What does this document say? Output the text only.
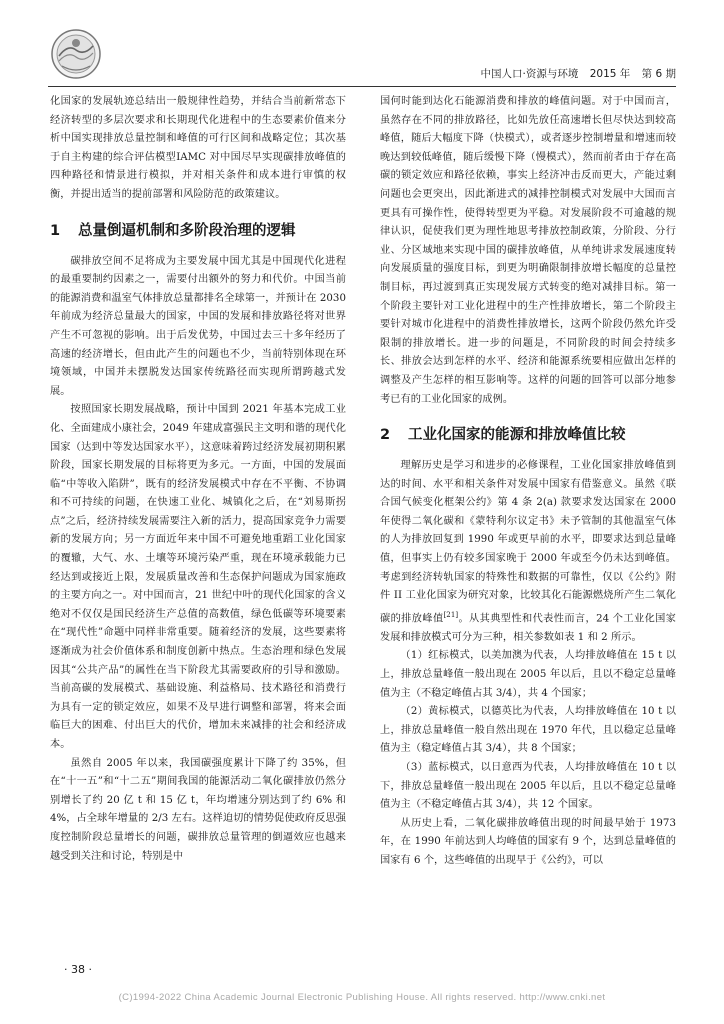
中国人口·资源与环境 2015 年 第 6 期

化国家的发展轨迹总结出一般规律性趋势，并结合当前新常态下经济转型的多层次要求和长期现代化进程中的生态要素价值来分析中国实现排放总量控制和峰值的可行区间和战略定位；其次基于自主构建的综合评估模型IAMC 对中国尽早实现碳排放峰值的四种路径和情景进行模拟，并对相关条件和成本进行审慎的权衡，并提出适当的提前部署和风险防范的政策建议。

1 总量倒逼机制和多阶段治理的逻辑

碳排放空间不足将成为主要发展中国尤其是中国现代化进程的最重要制约因素之一，需要付出额外的努力和代价。中国当前的能源消费和温室气体排放总量都排名全球第一，并预计在 2030 年前成为经济总量最大的国家，中国的发展和排放路径将对世界产生不可忽视的影响。出于后发优势，中国过去三十多年经历了高速的经济增长，但由此产生的问题也不少，当前特别体现在环境领域，中国并未摆脱发达国家传统路径而实现所谓跨越式发展。

按照国家长期发展战略，预计中国到 2021 年基本完成工业化、全面建成小康社会，2049 年建成富强民主文明和谐的现代化国家（达到中等发达国家水平），这意味着跨过经济发展初期积累阶段，国家长期发展的目标将更为多元。一方面，中国的发展面临“中等收入陷阱”，既有的经济发展模式中存在不平衡、不协调和不可持续的问题，在快速工业化、城镇化之后，在“刘易斯拐点”之后，经济持续发展需要注入新的活力，提高国家竞争力需要新的发展方向；另一方面近年来中国不可避免地重蹈工业化国家的覆辙，大气、水、土壤等环境污染严重，现在环境承载能力已经达到或接近上限，发展质量改善和生态保护问题成为国家施政的主要方向之一。对中国而言，21 世纪中叶的现代化国家的含义绝对不仅仅是国民经济生产总值的高数值，绿色低碳等环境要素在“现代性”命题中同样非常重要。随着经济的发展，这些要素将逐渐成为社会价值体系和制度创新中热点。生态治理和绿色发展因其“公共产品”的属性在当下阶段尤其需要政府的引导和激励。当前高碳的发展模式、基础设施、利益格局、技术路径和消费行为具有一定的锁定效应，如果不及早进行调整和部署，将来会面临巨大的困难、付出巨大的代价，增加未来减排的社会和经济成本。

虽然自 2005 年以来，我国碳强度累计下降了约 35%，但在“十一五”和“十二五”期间我国的能源活动二氧化碳排放仍然分别增长了约 20 亿 t 和 15 亿 t，年均增速分别达到了约 6% 和 4%，占全球年增量的 2/3 左右。这样迫切的情势促使政府反思强度控制阶段总量增长的问题，碳排放总量管理的倒逼效应也越来越受到关注和讨论，特别是中

国何时能到达化石能源消费和排放的峰值问题。对于中国而言，虽然存在不同的排放路径，比如先放任高速增长但尽快达到较高峰值，随后大幅度下降（快模式），或者逐步控制增量和增速而较晚达到较低峰值，随后缓慢下降（慢模式），然而前者由于存在高碳的锁定效应和路径依赖，事实上经济冲击反而更大，产能过剩问题也会更突出，因此渐进式的减排控制模式对发展中大国而言更具有可操作性，使得转型更为平稳。对发展阶段不可逾越的规律认识，促使我们更为理性地思考排放控制政策，分阶段、分行业、分区域地来实现中国的碳排放峰值，从单纯讲求发展速度转向发展质量的强度目标，到更为明确限制排放增长幅度的总量控制目标，再过渡到真正实现发展方式转变的绝对减排目标。第一个阶段主要针对工业化进程中的生产性排放增长，第二个阶段主要针对城市化进程中的消费性排放增长，这两个阶段仍然允许受限制的排放增长。进一步的问题是，不同阶段的时间会持续多长、排放会达到怎样的水平、经济和能源系统要相应做出怎样的调整及产生怎样的相互影响等。这样的问题的回答可以部分地参考已有的工业化国家的成例。

2 工业化国家的能源和排放峰值比较

理解历史是学习和进步的必修课程，工业化国家排放峰值到达的时间、水平和相关条件对发展中国家有借鉴意义。虽然《联合国气候变化框架公约》第 4 条 2(a) 款要求发达国家在 2000 年使得二氧化碳和《蒙特利尔议定书》未予管制的其他温室气体的人为排放回复到 1990 年或更早前的水平，即要求达到总量峰值，但事实上仍有较多国家晚于 2000 年或至今仍未达到峰值。考虑到经济转轨国家的特殊性和数据的可靠性，仅以《公约》附件 II 工业化国家为研究对象，比较其化石能源燃烧所产生二氧化碳的排放峰值[21]。从其典型性和代表性而言，24 个工业化国家发展和排放模式可分为三种，相关参数如表 1 和 2 所示。

（1）红标模式，以美加澳为代表，人均排放峰值在 15 t 以上，排放总量峰值一般出现在 2005 年以后，且以不稳定总量峰值为主（不稳定峰值占其 3/4），共 4 个国家；

（2）黄标模式，以德英比为代表，人均排放峰值在 10 t 以上，排放总量峰值一般自然出现在 1970 年代，且以稳定总量峰值为主（稳定峰值占其 3/4），共 8 个国家；

（3）蓝标模式，以日意西为代表，人均排放峰值在 10 t 以下，排放总量峰值一般出现在 2005 年以后，且以不稳定总量峰值为主（不稳定峰值占其 3/4），共 12 个国家。

从历史上看，二氧化碳排放峰值出现的时间最早始于 1973 年，在 1990 年前达到人均峰值的国家有 9 个，达到总量峰值的国家有 6 个，这些峰值的出现早于《公约》，可以

· 38 ·
(C)1994-2022 China Academic Journal Electronic Publishing House. All rights reserved. http://www.cnki.net
